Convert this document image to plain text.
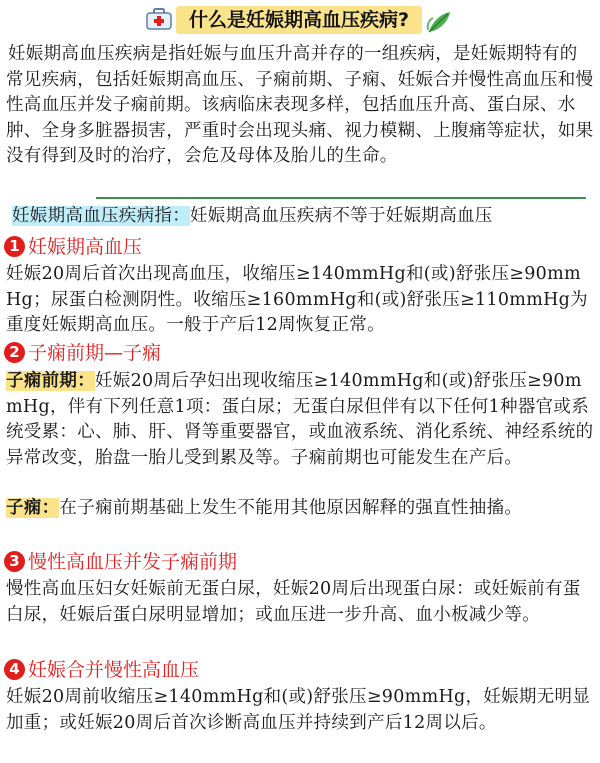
什么是妊娠期高血压疾病?
妊娠期高血压疾病是指妊娠与血压升高并存的一组疾病，是妊娠期特有的常见疾病，包括妊娠期高血压、子痫前期、子痫、妊娠合并慢性高血压和慢性高血压并发子痫前期。该病临床表现多样，包括血压升高、蛋白尿、水肿、全身多脏器损害，严重时会出现头痛、视力模糊、上腹痛等症状，如果没有得到及时的治疗，会危及母体及胎儿的生命。
妊娠期高血压疾病指：妊娠期高血压疾病不等于妊娠期高血压
1 妊娠期高血压
妊娠20周后首次出现高血压，收缩压≥140mmHg和(或)舒张压≥90mmHg；尿蛋白检测阴性。收缩压≥160mmHg和(或)舒张压≥110mmHg为重度妊娠期高血压。一般于产后12周恢复正常。
2 子痫前期—子痫
子痫前期：妊娠20周后孕妇出现收缩压≥140mmHg和(或)舒张压≥90mmHg，伴有下列任意1项：蛋白尿；无蛋白尿但伴有以下任何1种器官或系统受累：心、肺、肝、肾等重要器官，或血液系统、消化系统、神经系统的异常改变，胎盘一胎儿受到累及等。子痫前期也可能发生在产后。
子痫：在子痫前期基础上发生不能用其他原因解释的强直性抽搐。
3 慢性高血压并发子痫前期
慢性高血压妇女妊娠前无蛋白尿，妊娠20周后出现蛋白尿：或妊娠前有蛋白尿，妊娠后蛋白尿明显增加；或血压进一步升高、血小板减少等。
4 妊娠合并慢性高血压
妊娠20周前收缩压≥140mmHg和(或)舒张压≥90mmHg，妊娠期无明显加重；或妊娠20周后首次诊断高血压并持续到产后12周以后。
